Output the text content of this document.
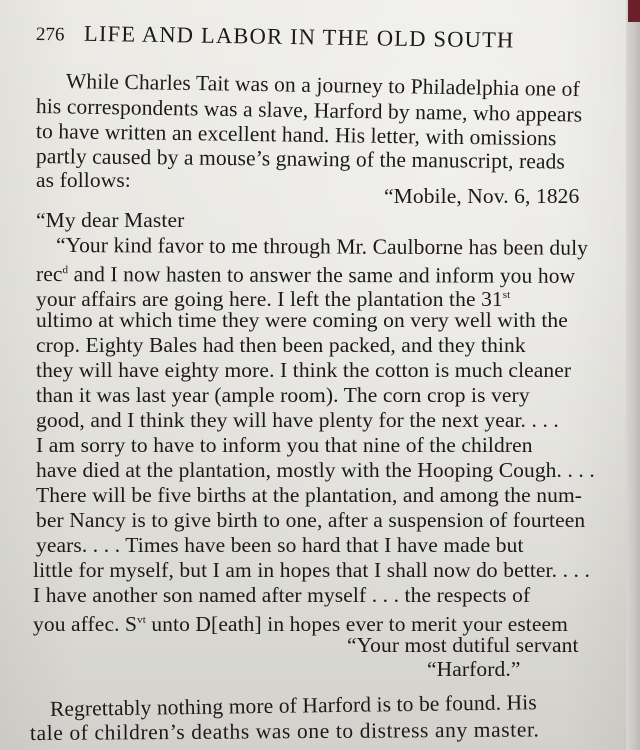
276 LIFE AND LABOR IN THE OLD SOUTH
While Charles Tait was on a journey to Philadelphia one of
his correspondents was a slave, Harford by name, who appears
to have written an excellent hand. His letter, with omissions
partly caused by a mouse’s gnawing of the manuscript, reads
as follows:
“Mobile, Nov. 6, 1826
“My dear Master
“Your kind favor to me through Mr. Caulborne has been duly
rec$^d$ and I now hasten to answer the same and inform you how
your affairs are going here. I left the plantation the 31st
ultimo at which time they were coming on very well with the
crop. Eighty Bales had then been packed, and they think
they will have eighty more. I think the cotton is much cleaner
than it was last year (ample room). The corn crop is very
good, and I think they will have plenty for the next year. . . .
I am sorry to have to inform you that nine of the children
have died at the plantation, mostly with the Hooping Cough. . . .
There will be five births at the plantation, and among the num-
ber Nancy is to give birth to one, after a suspension of fourteen
years. . . . Times have been so hard that I have made but
little for myself, but I am in hopes that I shall now do better. . . .
I have another son named after myself . . . the respects of
you affec. $S^{vt}$ unto D[eath] in hopes ever to merit your esteem
“Your most dutiful servant
“Harford.”
Regrettably nothing more of Harford is to be found. His
tale of children’s deaths was one to distress any master.
